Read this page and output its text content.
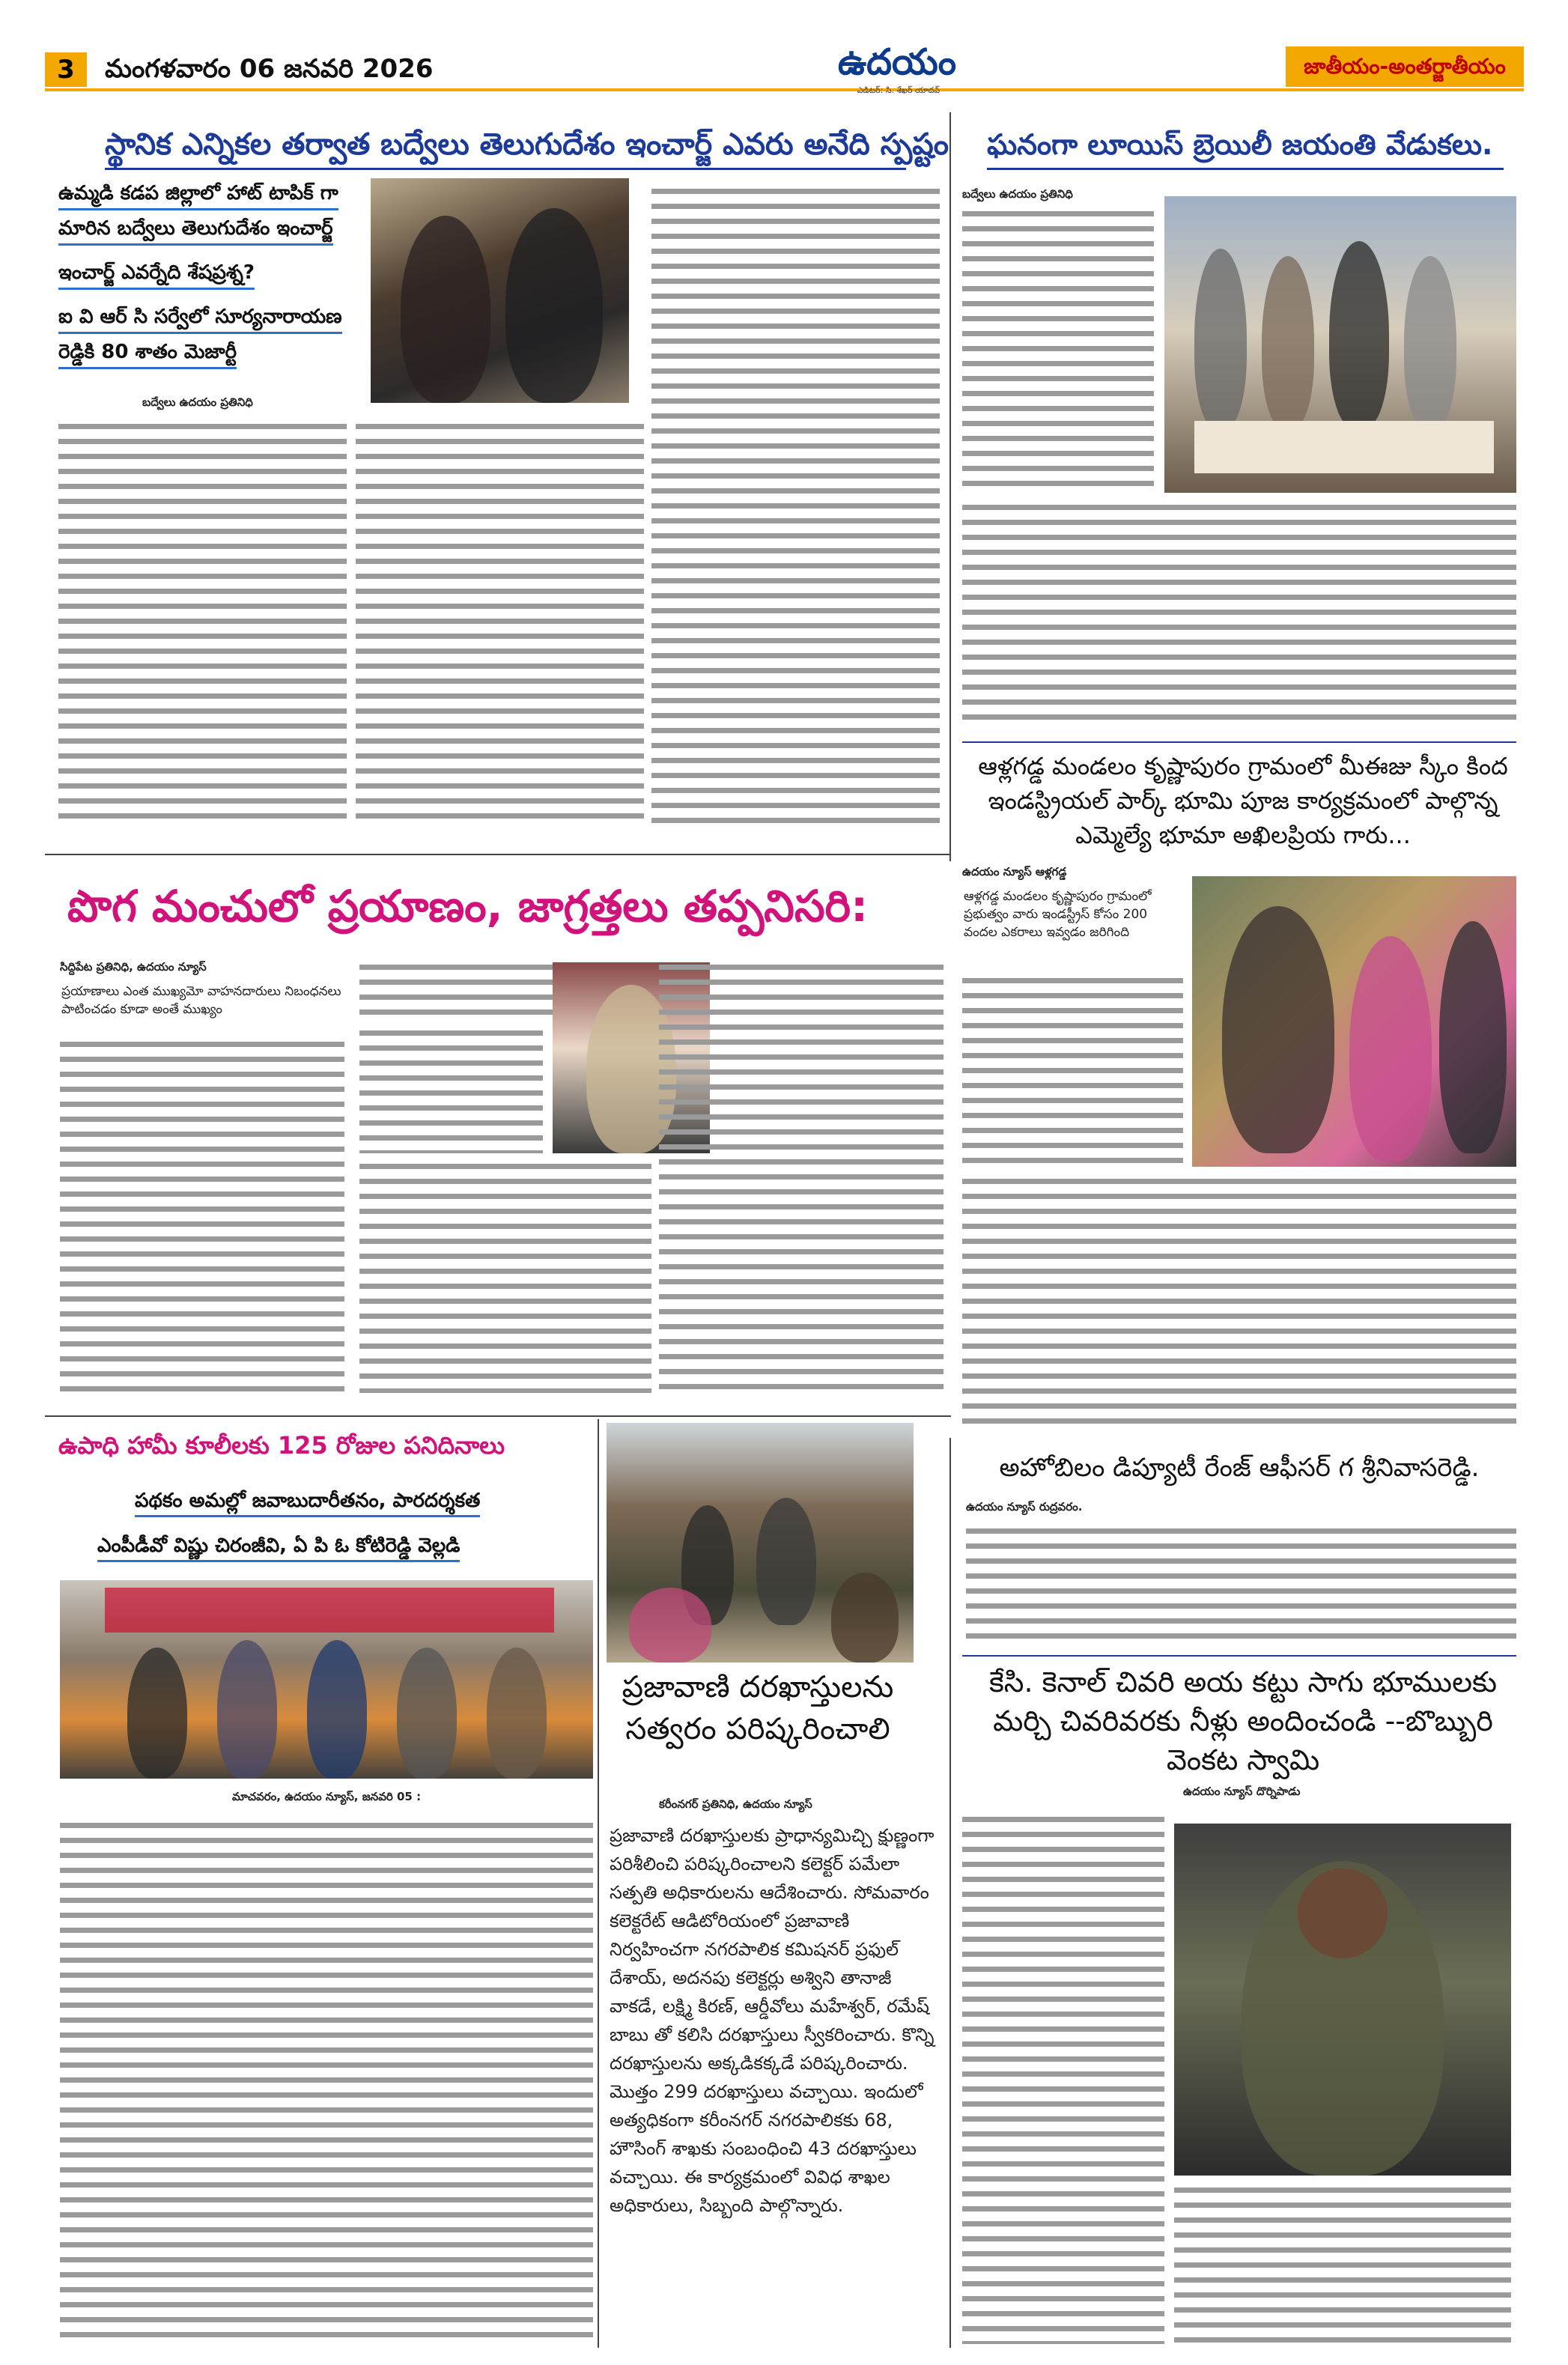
3	మంగళవారం 06 జనవరి 2026	ఉదయం
ఎడిటర్: సి. శేఖర్ యాదవ్
జాతీయం-అంతర్జాతీయం
స్థానిక ఎన్నికల తర్వాత బద్వేలు తెలుగుదేశం ఇంచార్జ్ ఎవరు అనేది స్పష్టం
ఉమ్మడి కడప జిల్లాలో హాట్ టాపిక్ గా మారిన బద్వేలు తెలుగుదేశం ఇంచార్జ్ ఇంచార్జ్ ఎవర్నేది శేషప్రశ్న? ఐ వి ఆర్ సి సర్వేలో సూర్యనారాయణ రెడ్డికి 80 శాతం మెజార్టీ
బద్వేలు ఉదయం ప్రతినిధి
ఘనంగా లూయిస్ బ్రెయిలీ జయంతి వేడుకలు.
బద్వేలు ఉదయం ప్రతినిధి
ఆళ్లగడ్డ మండలం కృష్ణాపురం గ్రామంలో మీఈజు స్కీం కింద ఇండస్ట్రియల్ పార్క్ భూమి పూజ కార్యక్రమంలో పాల్గొన్న ఎమ్మెల్యే భూమా అఖిలప్రియ గారు...
ఉదయం న్యూస్ ఆళ్లగడ్డ
ఆళ్లగడ్డ మండలం కృష్ణాపురం గ్రామంలో ప్రభుత్వం వారు ఇండస్ట్రీస్ కోసం 200 వందల ఎకరాలు ఇవ్వడం జరిగింది
పొగ మంచులో ప్రయాణం, జాగ్రత్తలు తప్పనిసరి:
సిద్దిపేట ప్రతినిధి, ఉదయం న్యూస్
ప్రయాణాలు ఎంత ముఖ్యమో వాహనదారులు నిబంధనలు పాటించడం కూడా అంతే ముఖ్యం
ఉపాధి హామీ కూలీలకు 125 రోజుల పనిదినాలు
పథకం అమల్లో జవాబుదారీతనం, పారదర్శకత
ఎంపీడీవో విష్ణు చిరంజీవి, ఏ పి ఓ కోటిరెడ్డి వెల్లడి
మాచవరం, ఉదయం న్యూస్, జనవరి 05 :
ప్రజావాణి దరఖాస్తులను సత్వరం పరిష్కరించాలి
కరీంనగర్ ప్రతినిధి, ఉదయం న్యూస్
ప్రజావాణి దరఖాస్తులకు ప్రాధాన్యమిచ్చి క్షుణ్ణంగా పరిశీలించి పరిష్కరించాలని కలెక్టర్ పమేలా సత్పతి అధికారులను ఆదేశించారు. సోమవారం కలెక్టరేట్ ఆడిటోరియంలో ప్రజావాణి నిర్వహించగా నగరపాలిక కమిషనర్ ప్రఫుల్ దేశాయ్, అదనపు కలెక్టర్లు అశ్విని తానాజీ వాకడే, లక్ష్మి కిరణ్, ఆర్డీవోలు మహేశ్వర్, రమేష్ బాబు తో కలిసి దరఖాస్తులు స్వీకరించారు. కొన్ని దరఖాస్తులను అక్కడికక్కడే పరిష్కరించారు. మొత్తం 299 దరఖాస్తులు వచ్చాయి. ఇందులో అత్యధికంగా కరీంనగర్ నగరపాలికకు 68, హౌసింగ్ శాఖకు సంబంధించి 43 దరఖాస్తులు వచ్చాయి. ఈ కార్యక్రమంలో వివిధ శాఖల అధికారులు, సిబ్బంది పాల్గొన్నారు.
అహోబిలం డిప్యూటీ రేంజ్ ఆఫీసర్ గ శ్రీనివాసరెడ్డి.
ఉదయం న్యూస్ రుద్రవరం.
కేసి. కెనాల్ చివరి అయ కట్టు సాగు భూములకు మర్చి చివరివరకు నీళ్లు అందించండి --బొబ్బురి వెంకట స్వామి
ఉదయం న్యూస్ దొర్నిపాడు
